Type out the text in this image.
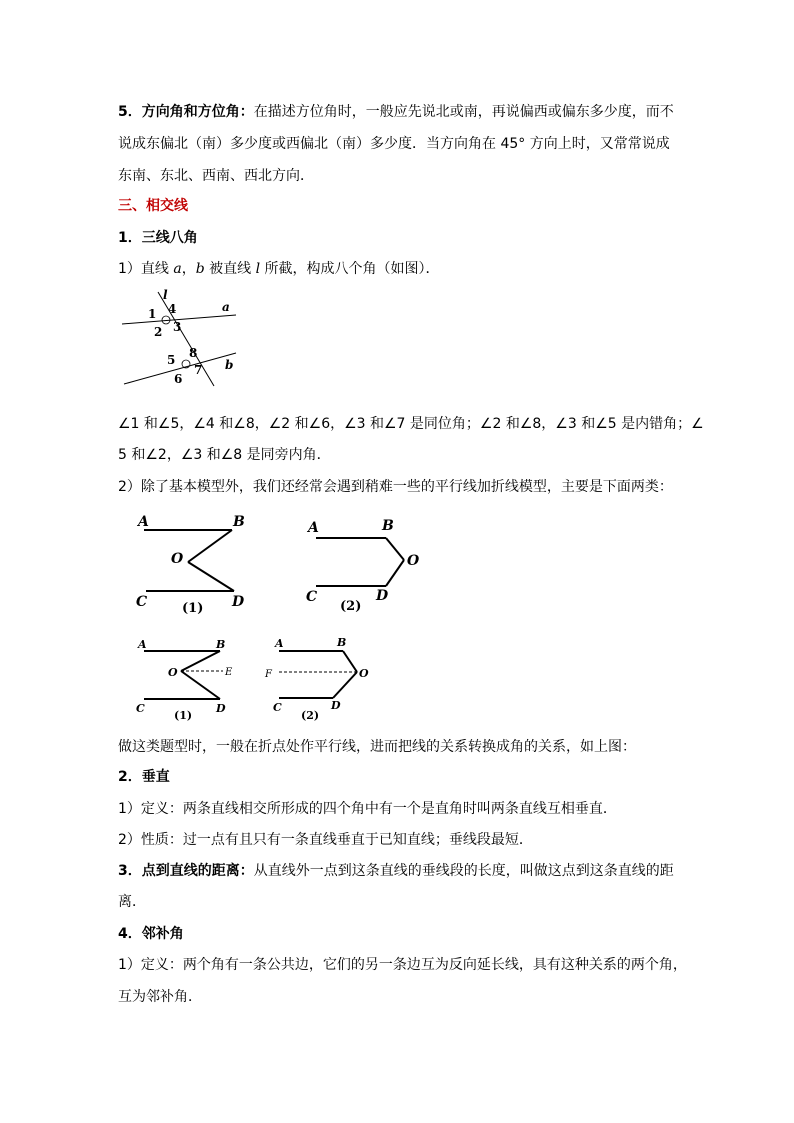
5．方向角和方位角：在描述方位角时，一般应先说北或南，再说偏西或偏东多少度，而不
说成东偏北（南）多少度或西偏北（南）多少度．当方向角在 45° 方向上时，又常常说成
东南、东北、西南、西北方向．
三、相交线
1．三线八角
1）直线 a，b 被直线 l 所截，构成八个角（如图）．
l
a
b
1 4
3
2
5 8
6
7
∠1 和∠5，∠4 和∠8，∠2 和∠6，∠3 和∠7 是同位角；∠2 和∠8，∠3 和∠5 是内错角；∠
5 和∠2，∠3 和∠8 是同旁内角．
2）除了基本模型外，我们还经常会遇到稍难一些的平行线加折线模型，主要是下面两类：
A	B
O
C	D
(1)
A	B
O
C	D
(2)
A	B
O	E
C	D
(1)
A	B
F	O
C	D
(2)
做这类题型时，一般在折点处作平行线，进而把线的关系转换成角的关系，如上图：
2．垂直
1）定义：两条直线相交所形成的四个角中有一个是直角时叫两条直线互相垂直．
2）性质：过一点有且只有一条直线垂直于已知直线；垂线段最短．
3．点到直线的距离：从直线外一点到这条直线的垂线段的长度，叫做这点到这条直线的距
离．
4．邻补角
1）定义：两个角有一条公共边，它们的另一条边互为反向延长线，具有这种关系的两个角，
互为邻补角．
